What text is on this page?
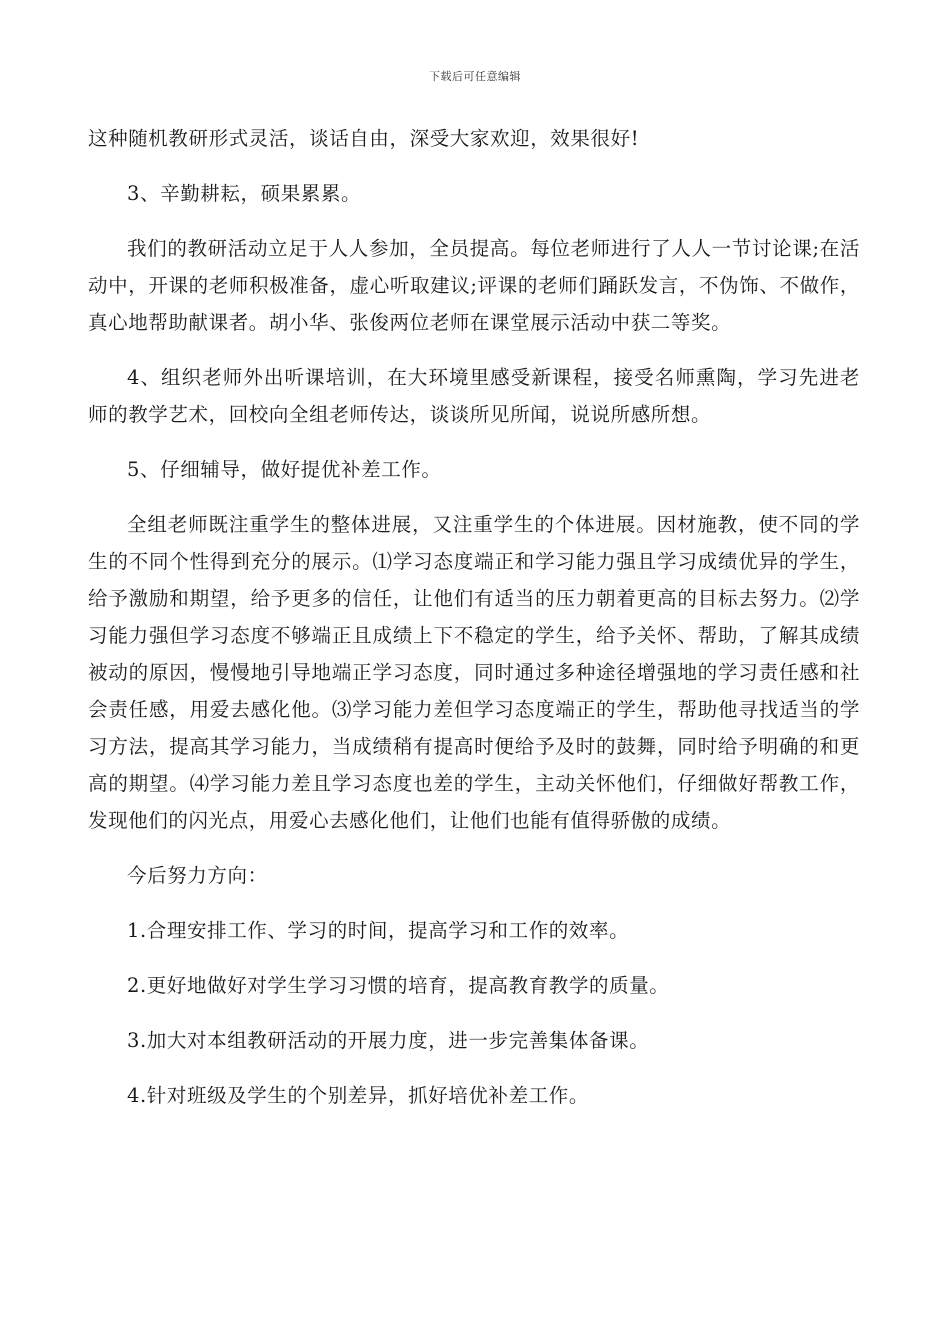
下载后可任意编辑

这种随机教研形式灵活，谈话自由，深受大家欢迎，效果很好!

3、辛勤耕耘，硕果累累。

我们的教研活动立足于人人参加，全员提高。每位老师进行了人人一节讨论课;在活动中，开课的老师积极准备，虚心听取建议;评课的老师们踊跃发言，不伪饰、不做作，真心地帮助献课者。胡小华、张俊两位老师在课堂展示活动中获二等奖。

4、组织老师外出听课培训，在大环境里感受新课程，接受名师熏陶，学习先进老师的教学艺术，回校向全组老师传达，谈谈所见所闻，说说所感所想。

5、仔细辅导，做好提优补差工作。

全组老师既注重学生的整体进展，又注重学生的个体进展。因材施教，使不同的学生的不同个性得到充分的展示。⑴学习态度端正和学习能力强且学习成绩优异的学生，给予激励和期望，给予更多的信任，让他们有适当的压力朝着更高的目标去努力。⑵学习能力强但学习态度不够端正且成绩上下不稳定的学生，给予关怀、帮助，了解其成绩被动的原因，慢慢地引导地端正学习态度，同时通过多种途径增强地的学习责任感和社会责任感，用爱去感化他。⑶学习能力差但学习态度端正的学生，帮助他寻找适当的学习方法，提高其学习能力，当成绩稍有提高时便给予及时的鼓舞，同时给予明确的和更高的期望。⑷学习能力差且学习态度也差的学生，主动关怀他们，仔细做好帮教工作，发现他们的闪光点，用爱心去感化他们，让他们也能有值得骄傲的成绩。

今后努力方向：

1.合理安排工作、学习的时间，提高学习和工作的效率。

2.更好地做好对学生学习习惯的培育，提高教育教学的质量。

3.加大对本组教研活动的开展力度，进一步完善集体备课。

4.针对班级及学生的个别差异，抓好培优补差工作。
